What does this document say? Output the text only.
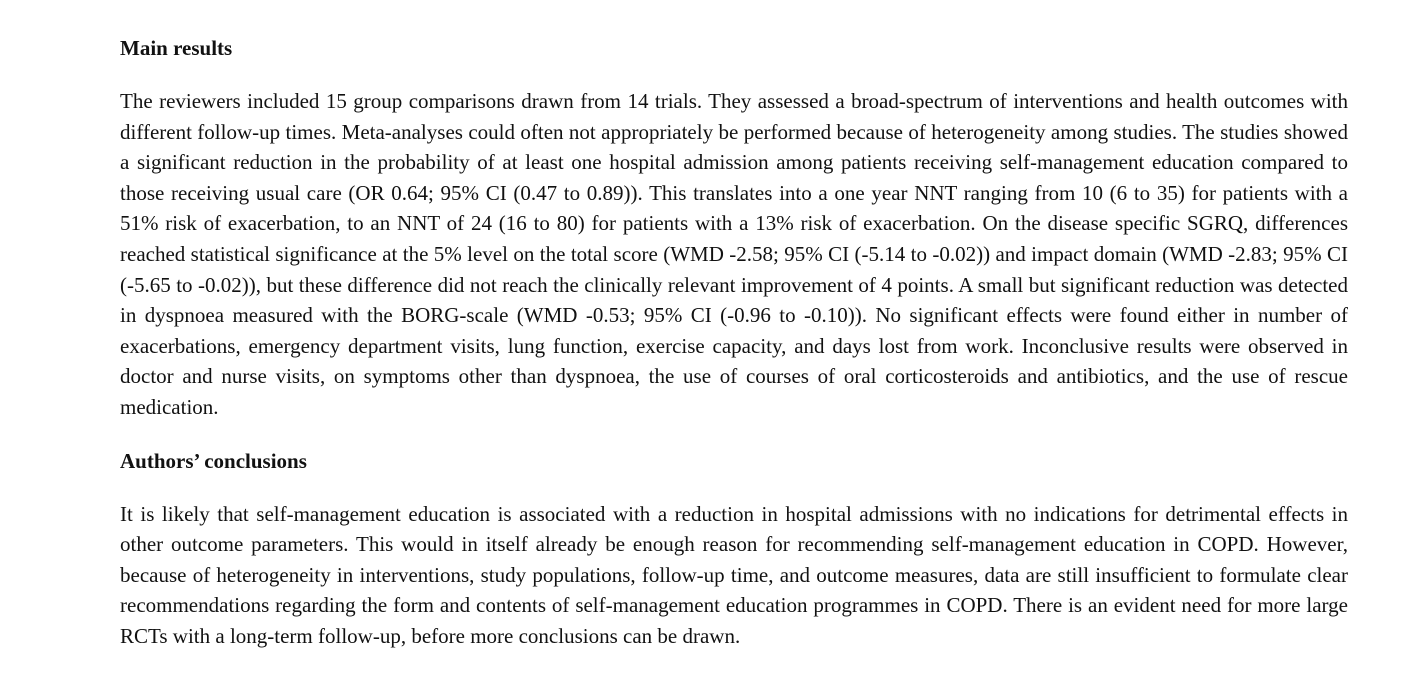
Main results

The reviewers included 15 group comparisons drawn from 14 trials. They assessed a broad-spectrum of interventions and health outcomes with different follow-up times. Meta-analyses could often not appropriately be performed because of heterogeneity among studies. The studies showed a significant reduction in the probability of at least one hospital admission among patients receiving self-management education compared to those receiving usual care (OR 0.64; 95% CI (0.47 to 0.89)). This translates into a one year NNT ranging from 10 (6 to 35) for patients with a 51% risk of exacerbation, to an NNT of 24 (16 to 80) for patients with a 13% risk of exacerbation. On the disease specific SGRQ, differences reached statistical significance at the 5% level on the total score (WMD -2.58; 95% CI (-5.14 to -0.02)) and impact domain (WMD -2.83; 95% CI (-5.65 to -0.02)), but these difference did not reach the clinically relevant improvement of 4 points. A small but significant reduction was detected in dyspnoea measured with the BORG-scale (WMD -0.53; 95% CI (-0.96 to -0.10)). No significant effects were found either in number of exacerbations, emergency department visits, lung function, exercise capacity, and days lost from work. Inconclusive results were observed in doctor and nurse visits, on symptoms other than dyspnoea, the use of courses of oral corticosteroids and antibiotics, and the use of rescue medication.

Authors’ conclusions

It is likely that self-management education is associated with a reduction in hospital admissions with no indications for detrimental effects in other outcome parameters. This would in itself already be enough reason for recommending self-management education in COPD. However, because of heterogeneity in interventions, study populations, follow-up time, and outcome measures, data are still insufficient to formulate clear recommendations regarding the form and contents of self-management education programmes in COPD. There is an evident need for more large RCTs with a long-term follow-up, before more conclusions can be drawn.
